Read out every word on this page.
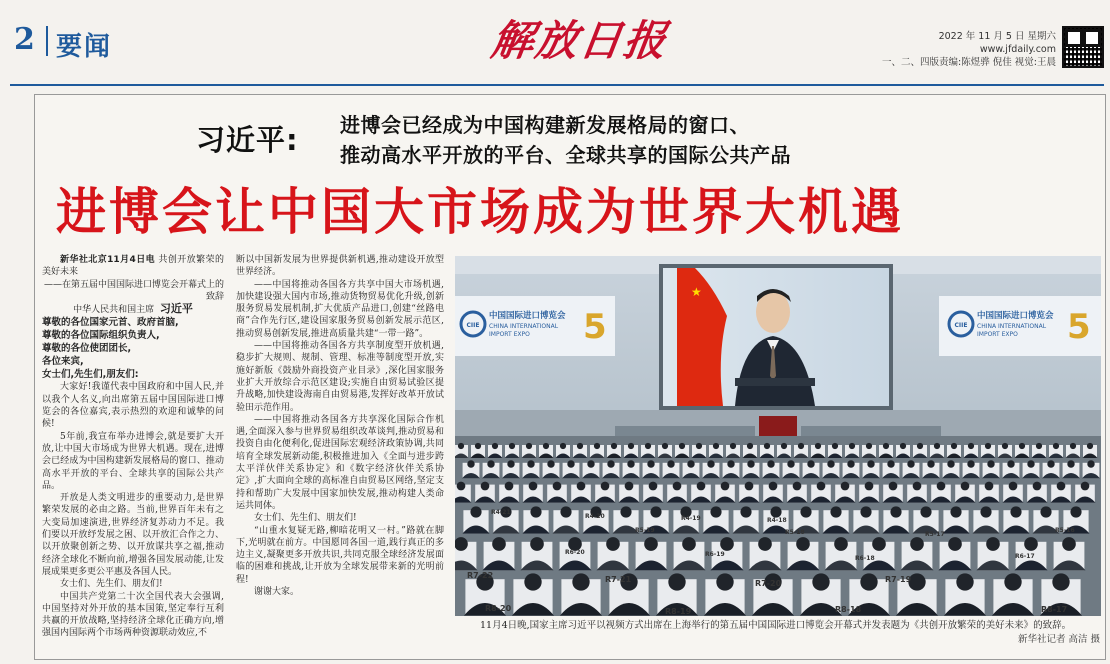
2 要闻	解放日报	2022 年 11 月 5 日 星期六
www.jfdaily.com
一、二、四版责编:陈煜骅 倪佳 视觉:王晨
习近平: 进博会已经成为中国构建新发展格局的窗口、
推动高水平开放的平台、全球共享的国际公共产品
进博会让中国大市场成为世界大机遇

新华社北京11月4日电 共创开放繁荣的美好未来

——在第五届中国国际进口博览会开幕式上的致辞

中华人民共和国主席 习近平

尊敬的各位国家元首、政府首脑,

尊敬的各位国际组织负责人,

尊敬的各位使团团长,

各位来宾,

女士们,先生们,朋友们:

大家好!我谨代表中国政府和中国人民,并以我个人名义,向出席第五届中国国际进口博览会的各位嘉宾,表示热烈的欢迎和诚挚的问候!

5年前,我宣布举办进博会,就是要扩大开放,让中国大市场成为世界大机遇。现在,进博会已经成为中国构建新发展格局的窗口、推动高水平开放的平台、全球共享的国际公共产品。

开放是人类文明进步的重要动力,是世界繁荣发展的必由之路。当前,世界百年未有之大变局加速演进,世界经济复苏动力不足。我们要以开放纾发展之困、以开放汇合作之力、以开放聚创新之势、以开放谋共享之福,推动经济全球化不断向前,增强各国发展动能,让发展成果更多更公平惠及各国人民。

女士们、先生们、朋友们!

中国共产党第二十次全国代表大会强调,中国坚持对外开放的基本国策,坚定奉行互利共赢的开放战略,坚持经济全球化正确方向,增强国内国际两个市场两种资源联动效应,不

断以中国新发展为世界提供新机遇,推动建设开放型世界经济。

——中国将推动各国各方共享中国大市场机遇,加快建设强大国内市场,推动货物贸易优化升级,创新服务贸易发展机制,扩大优质产品进口,创建“丝路电商”合作先行区,建设国家服务贸易创新发展示范区,推动贸易创新发展,推进高质量共建“一带一路”。

——中国将推动各国各方共享制度型开放机遇,稳步扩大规则、规制、管理、标准等制度型开放,实施好新版《鼓励外商投资产业目录》,深化国家服务业扩大开放综合示范区建设;实施自由贸易试验区提升战略,加快建设海南自由贸易港,发挥好改革开放试验田示范作用。

——中国将推动各国各方共享深化国际合作机遇,全面深入参与世界贸易组织改革谈判,推动贸易和投资自由化便利化,促进国际宏观经济政策协调,共同培育全球发展新动能,积极推进加入《全面与进步跨太平洋伙伴关系协定》和《数字经济伙伴关系协定》,扩大面向全球的高标准自由贸易区网络,坚定支持和帮助广大发展中国家加快发展,推动构建人类命运共同体。

女士们、先生们、朋友们!

“山重水复疑无路,柳暗花明又一村。”路就在脚下,光明就在前方。中国愿同各国一道,践行真正的多边主义,凝聚更多开放共识,共同克服全球经济发展面临的困难和挑战,让开放为全球发展带来新的光明前程!

谢谢大家。

CIIE
中国国际进口博览会
CHINA INTERNATIONAL
IMPORT EXPO 5	CIIE
中国国际进口博览会
CHINA INTERNATIONAL
IMPORT EXPO 5
★
R7-22	R7-21	R7-20	R7-19
R8-20	R8-19	R8-18	R8-17
R6-20	R6-19
R6-18	R6-17
R5-19	R5-18	R5-17
R5-16
R4-21
R4-20	R4-19	R4-18
11月4日晚,国家主席习近平以视频方式出席在上海举行的第五届中国国际进口博览会开幕式并发表题为《共创开放繁荣的美好未来》的致辞。
新华社记者 高洁 摄
